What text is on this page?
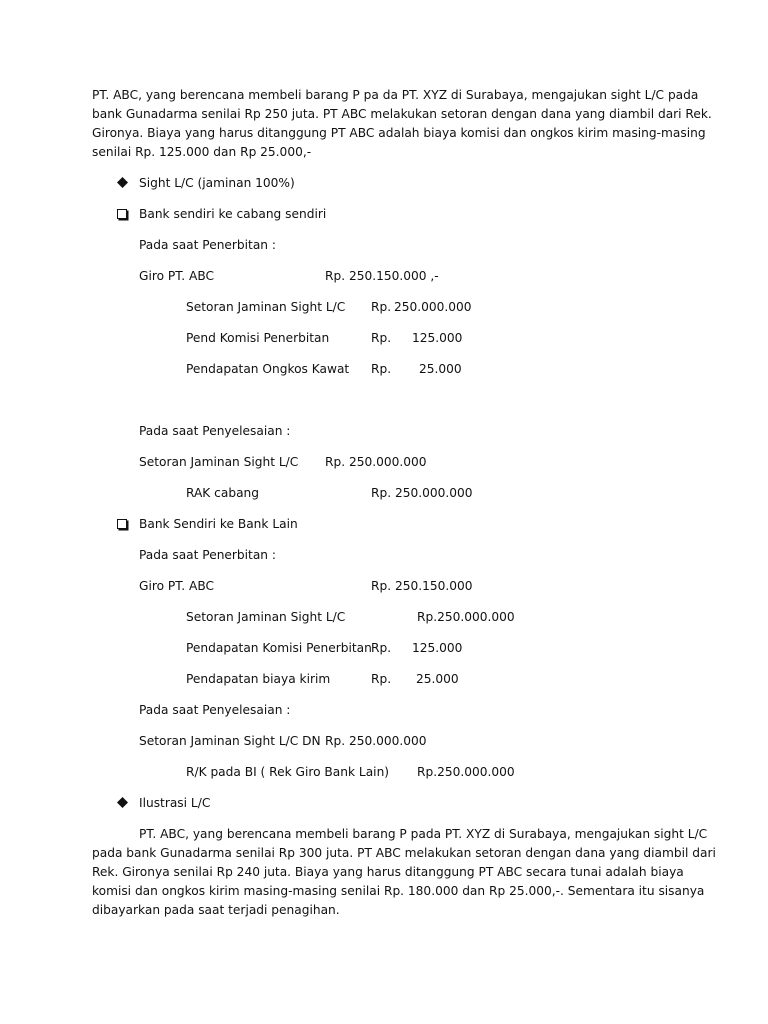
PT. ABC, yang berencana membeli barang P pa da PT. XYZ di Surabaya, mengajukan sight L/C pada

bank Gunadarma senilai Rp 250 juta. PT ABC melakukan setoran dengan dana yang diambil dari Rek.

Gironya. Biaya yang harus ditanggung PT ABC adalah biaya komisi dan ongkos kirim masing-masing

senilai Rp. 125.000 dan Rp 25.000,-

Sight L/C (jaminan 100%)
Bank sendiri ke cabang sendiri
Pada saat Penerbitan :
Giro PT. ABC	Rp. 250.150.000 ,-
Setoran Jaminan Sight L/C Rp. 250.000.000
Pend Komisi Penerbitan	Rp. 125.000
Pendapatan Ongkos Kawat Rp. 25.000
Pada saat Penyelesaian :
Setoran Jaminan Sight L/C Rp. 250.000.000
RAK cabang	Rp. 250.000.000
Bank Sendiri ke Bank Lain
Pada saat Penerbitan :
Giro PT. ABC	Rp. 250.150.000
Setoran Jaminan Sight L/C	Rp.250.000.000
Pendapatan Komisi Penerbitan Rp. 125.000
Pendapatan biaya kirim	Rp. 25.000
Pada saat Penyelesaian :
Setoran Jaminan Sight L/C DN Rp. 250.000.000
R/K pada BI ( Rek Giro Bank Lain) Rp.250.000.000
Ilustrasi L/C

PT. ABC, yang berencana membeli barang P pada PT. XYZ di Surabaya, mengajukan sight L/C

pada bank Gunadarma senilai Rp 300 juta. PT ABC melakukan setoran dengan dana yang diambil dari

Rek. Gironya senilai Rp 240 juta. Biaya yang harus ditanggung PT ABC secara tunai adalah biaya

komisi dan ongkos kirim masing-masing senilai Rp. 180.000 dan Rp 25.000,-. Sementara itu sisanya

dibayarkan pada saat terjadi penagihan.
